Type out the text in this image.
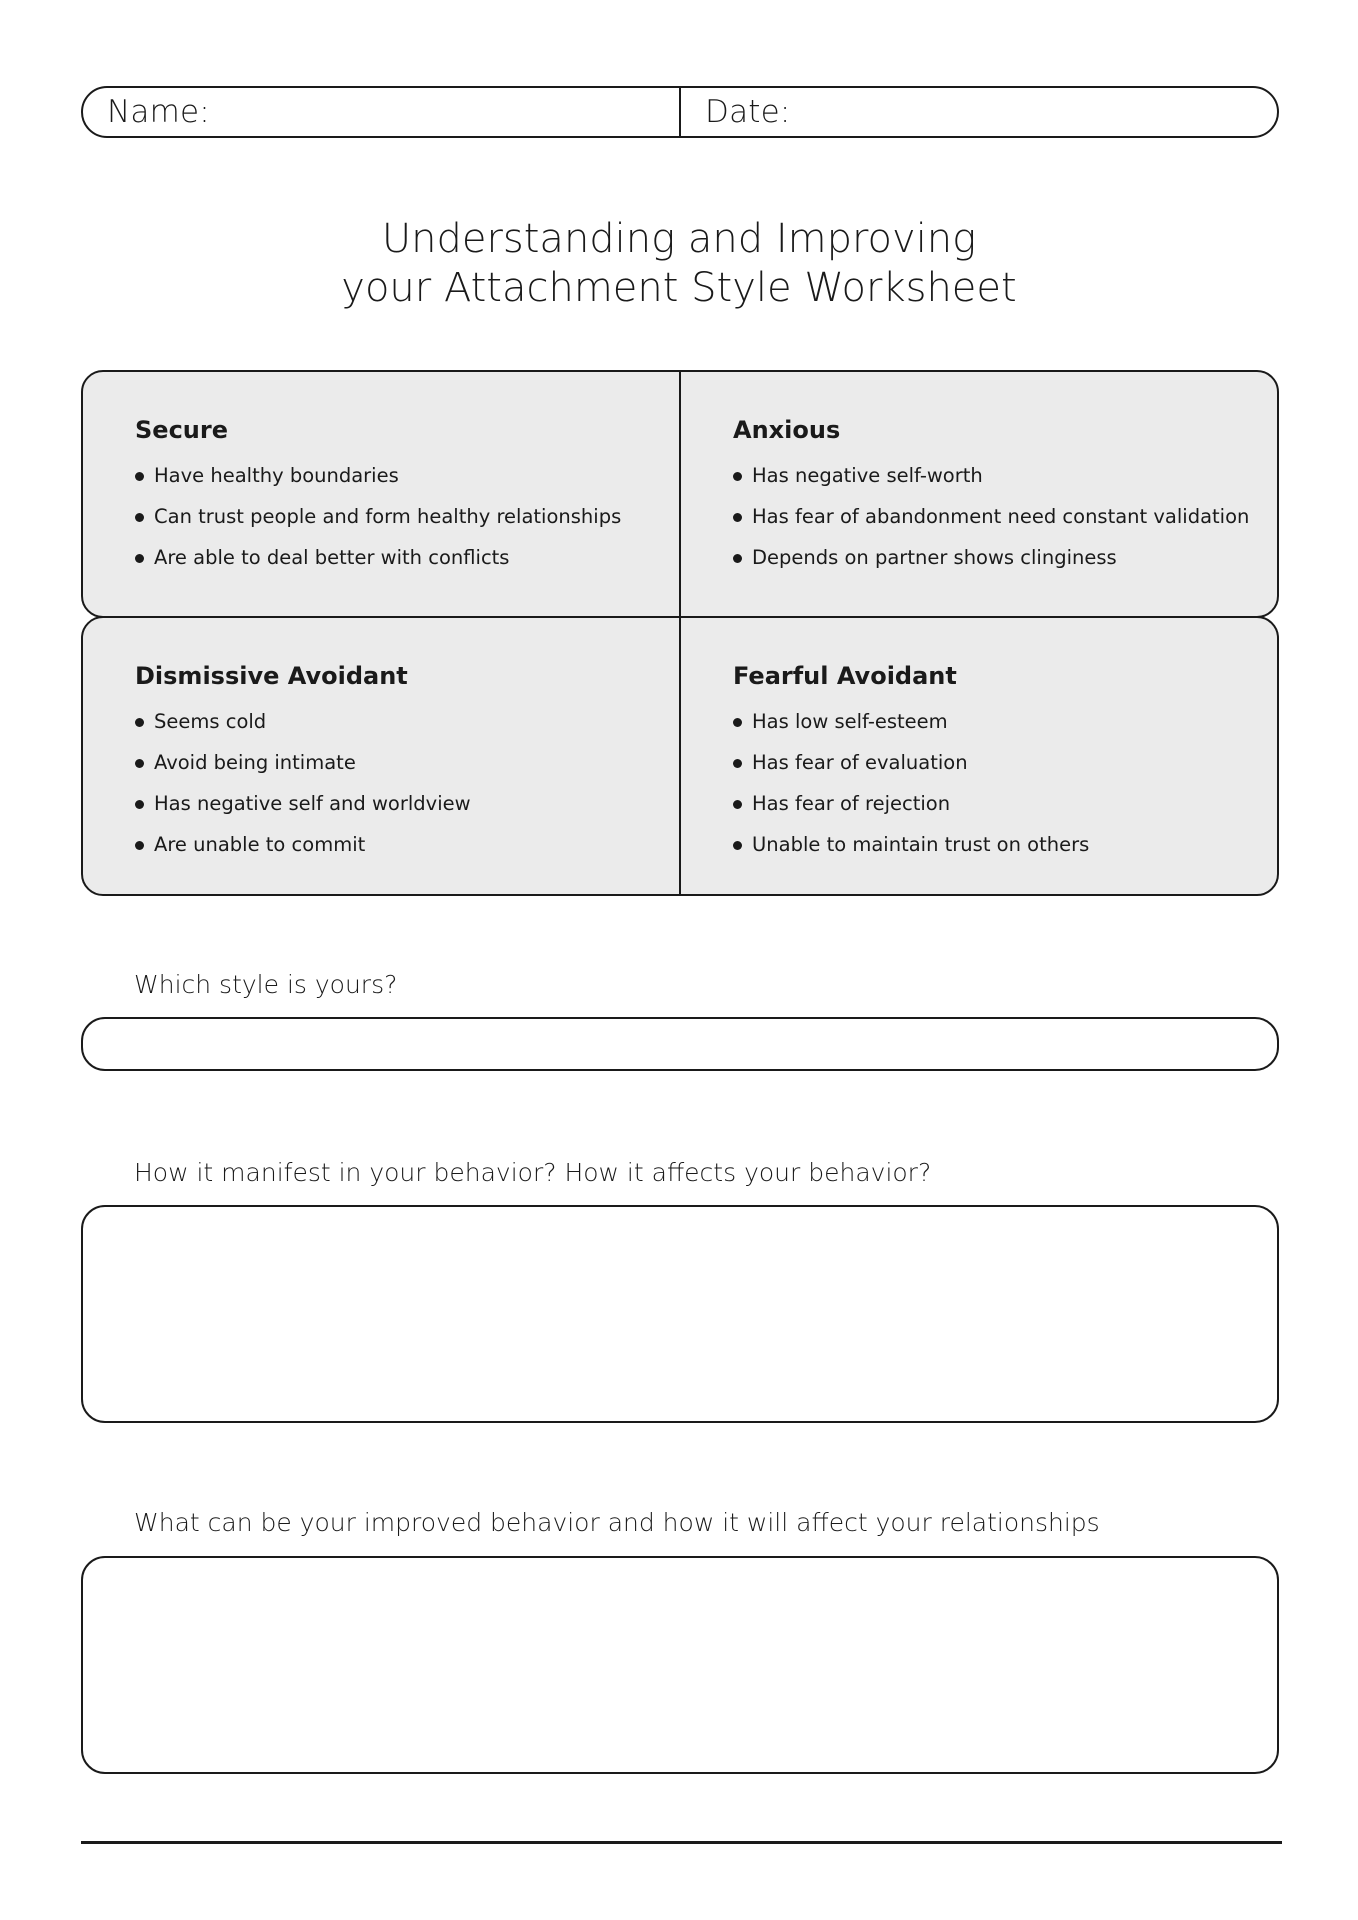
Name:	Date:
Understanding and Improving
your Attachment Style Worksheet
Secure
Have healthy boundaries
Can trust people and form healthy relationships
Are able to deal better with conflicts
Anxious
Has negative self-worth
Has fear of abandonment need constant validation
Depends on partner shows clinginess
Dismissive Avoidant
Seems cold
Avoid being intimate
Has negative self and worldview
Are unable to commit
Fearful Avoidant
Has low self-esteem
Has fear of evaluation
Has fear of rejection
Unable to maintain trust on others
Which style is yours?
How it manifest in your behavior? How it affects your behavior?
What can be your improved behavior and how it will affect your relationships
